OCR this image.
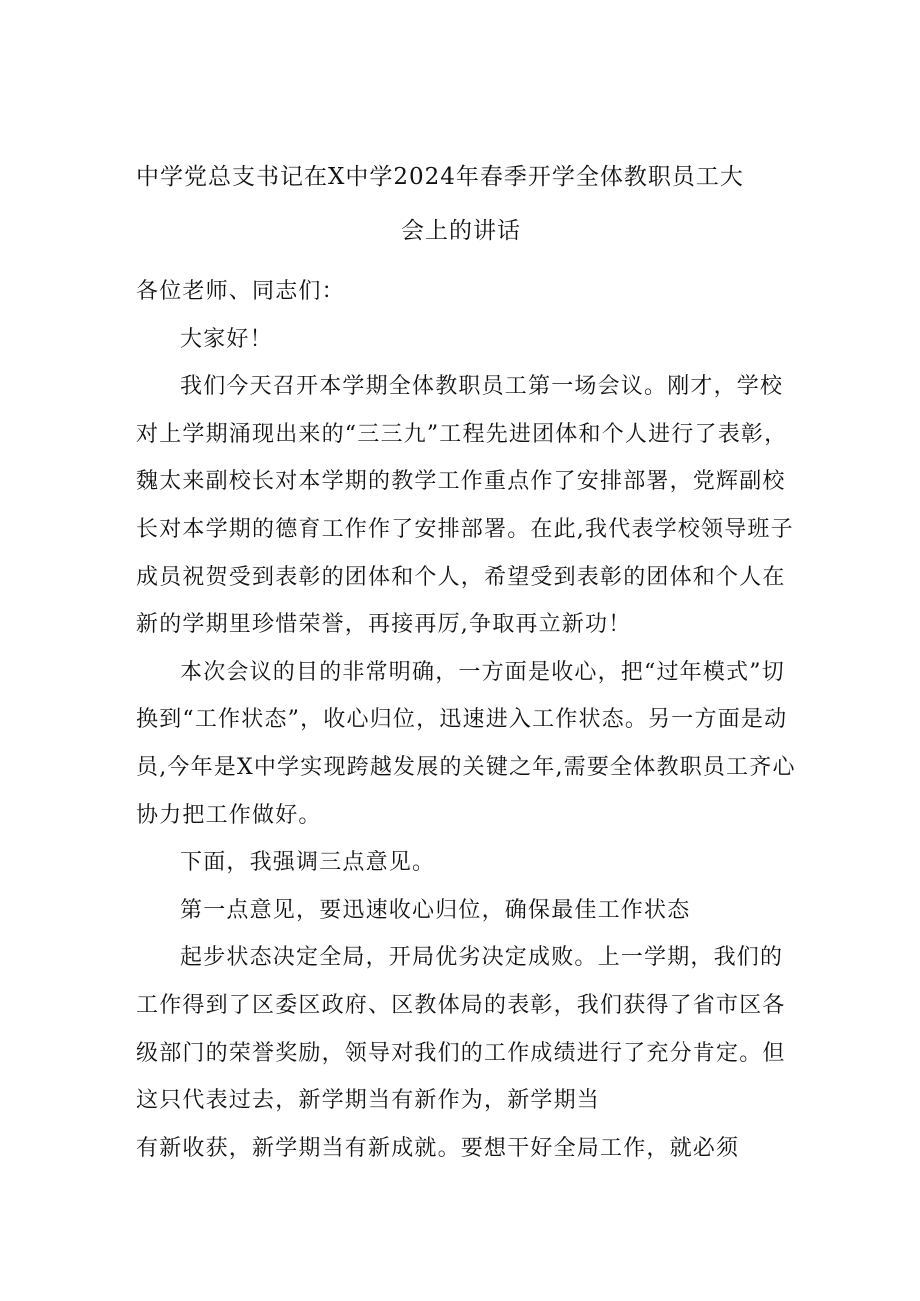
中学党总支书记在X中学2024年春季开学全体教职员工大
会上的讲话

各位老师、同志们：

大家好！

我们今天召开本学期全体教职员工第一场会议。刚才，学校对上学期涌现出来的“三三九”工程先进团体和个人进行了表彰，魏太来副校长对本学期的教学工作重点作了安排部署，党辉副校长对本学期的德育工作作了安排部署。在此,我代表学校领导班子成员祝贺受到表彰的团体和个人，希望受到表彰的团体和个人在新的学期里珍惜荣誉，再接再厉,争取再立新功！

本次会议的目的非常明确，一方面是收心，把“过年模式”切换到“工作状态”，收心归位，迅速进入工作状态。另一方面是动员,今年是X中学实现跨越发展的关键之年,需要全体教职员工齐心协力把工作做好。

下面，我强调三点意见。

第一点意见，要迅速收心归位，确保最佳工作状态

起步状态决定全局，开局优劣决定成败。上一学期，我们的工作得到了区委区政府、区教体局的表彰，我们获得了省市区各级部门的荣誉奖励，领导对我们的工作成绩进行了充分肯定。但这只代表过去，新学期当有新作为，新学期当

有新收获，新学期当有新成就。要想干好全局工作，就必须
